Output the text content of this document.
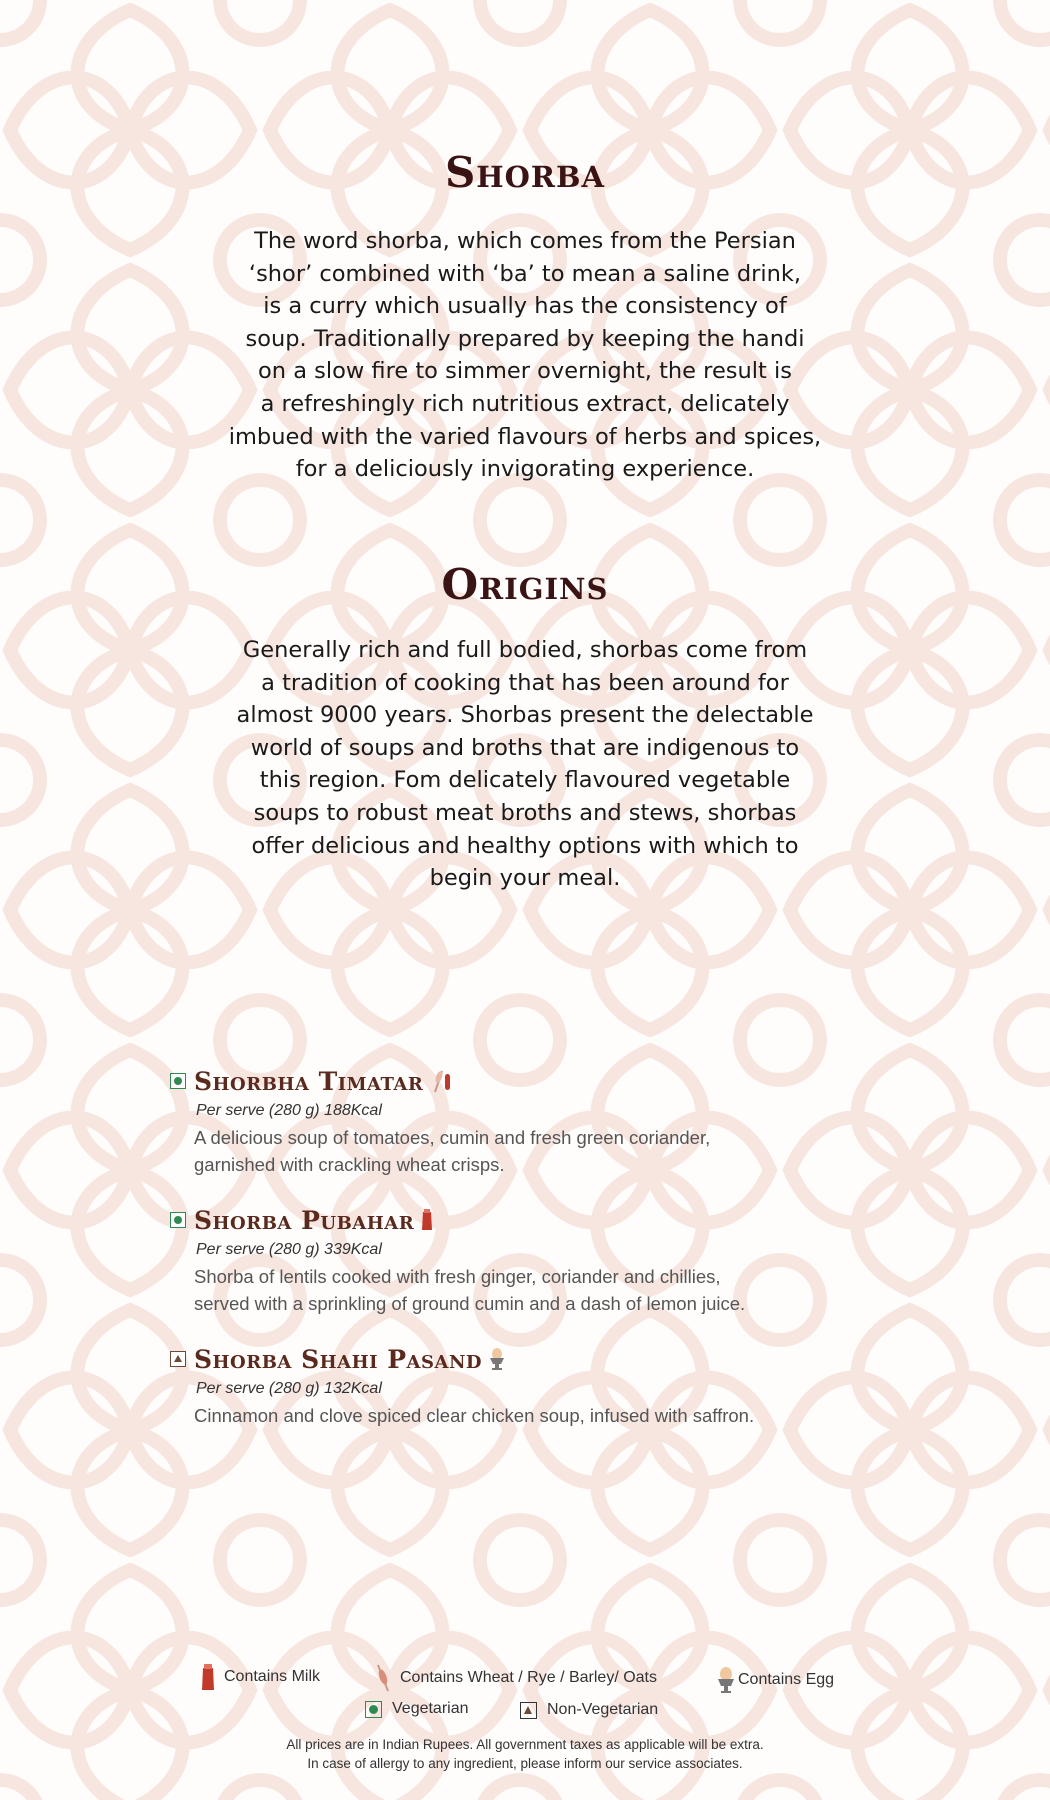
Shorba
The word shorba, which comes from the Persian
‘shor’ combined with ‘ba’ to mean a saline drink,
is a curry which usually has the consistency of
soup. Traditionally prepared by keeping the handi
on a slow fire to simmer overnight, the result is
a refreshingly rich nutritious extract, delicately
imbued with the varied flavours of herbs and spices,
for a deliciously invigorating experience.
Origins
Generally rich and full bodied, shorbas come from
a tradition of cooking that has been around for
almost 9000 years. Shorbas present the delectable
world of soups and broths that are indigenous to
this region. Fom delicately flavoured vegetable
soups to robust meat broths and stews, shorbas
offer delicious and healthy options with which to
begin your meal.
Shorbha Timatar
Per serve (280 g) 188Kcal
A delicious soup of tomatoes, cumin and fresh green coriander,
garnished with crackling wheat crisps.
Shorba Pubahar
Per serve (280 g) 339Kcal
Shorba of lentils cooked with fresh ginger, coriander and chillies,
served with a sprinkling of ground cumin and a dash of lemon juice.
Shorba Shahi Pasand
Per serve (280 g) 132Kcal
Cinnamon and clove spiced clear chicken soup, infused with saffron.
Contains Milk	Contains Wheat / Rye / Barley/ Oats	Contains Egg
Vegetarian	Non-Vegetarian
All prices are in Indian Rupees. All government taxes as applicable will be extra.
In case of allergy to any ingredient, please inform our service associates.
